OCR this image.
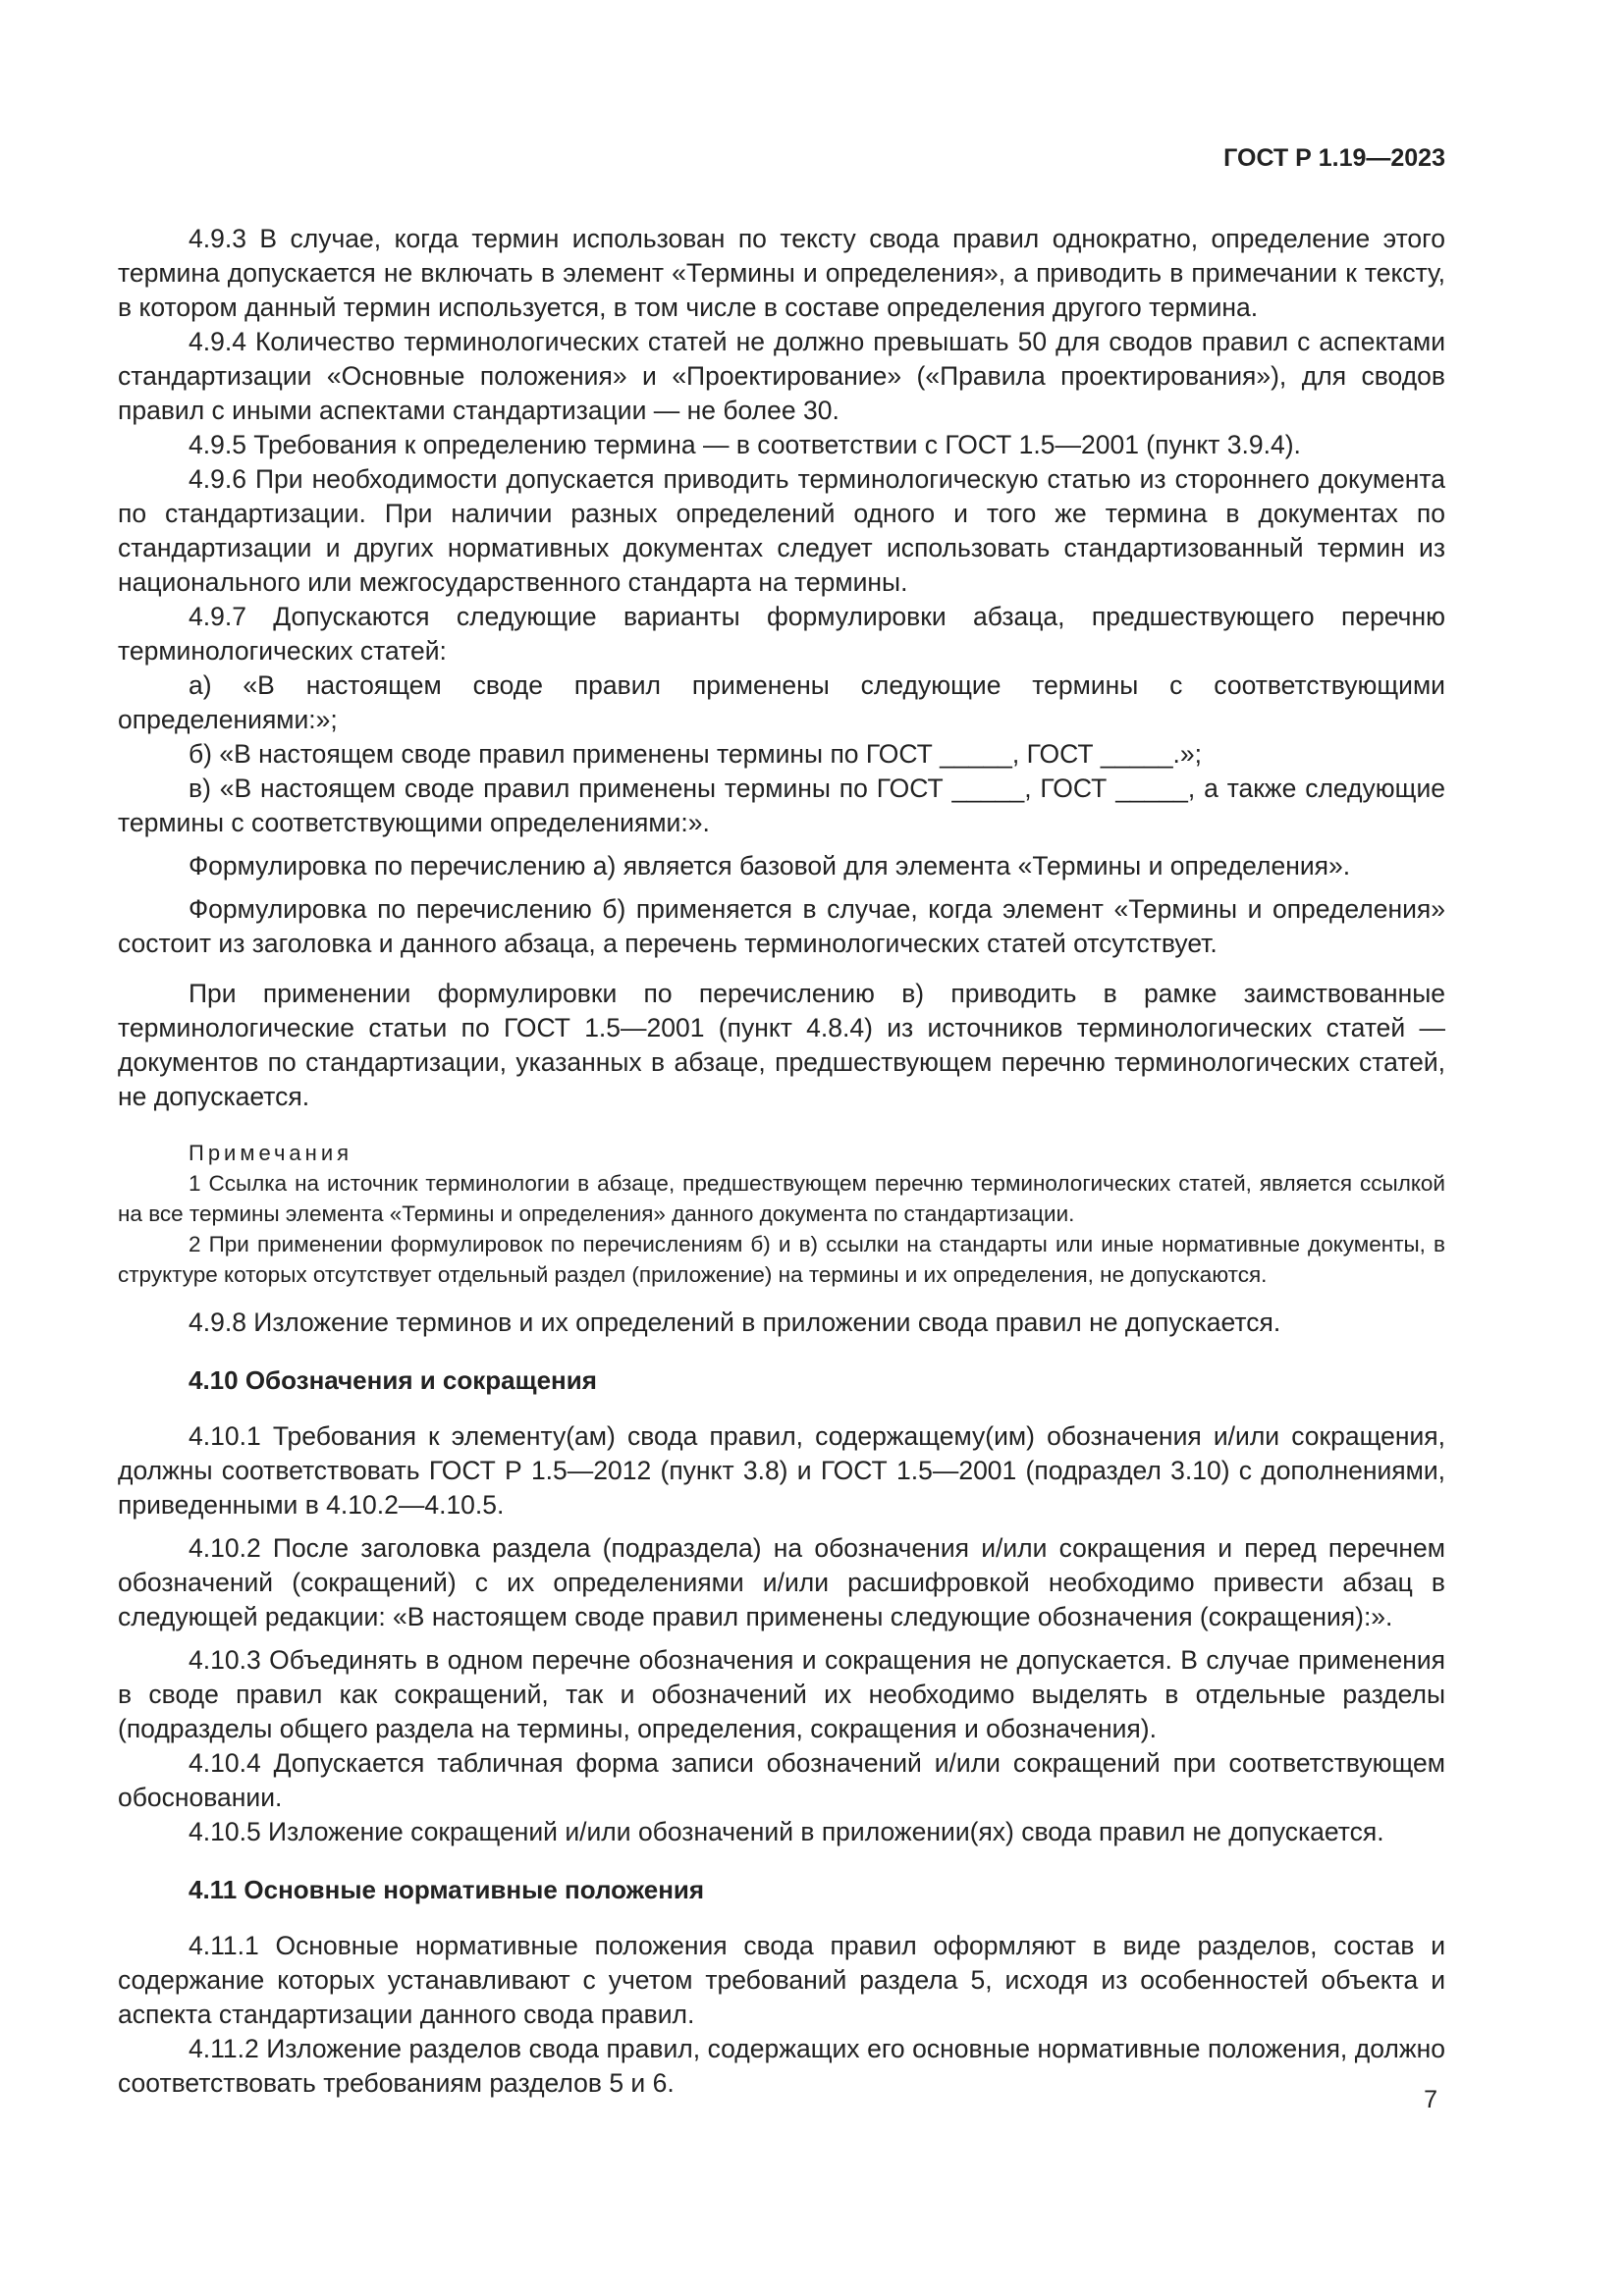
ГОСТ Р 1.19—2023

4.9.3 В случае, когда термин использован по тексту свода правил однократно, определение этого термина допускается не включать в элемент «Термины и определения», а приводить в примечании к тексту, в котором данный термин используется, в том числе в составе определения другого термина.

4.9.4 Количество терминологических статей не должно превышать 50 для сводов правил с аспектами стандартизации «Основные положения» и «Проектирование» («Правила проектирования»), для сводов правил с иными аспектами стандартизации — не более 30.

4.9.5 Требования к определению термина — в соответствии с ГОСТ 1.5—2001 (пункт 3.9.4).

4.9.6 При необходимости допускается приводить терминологическую статью из стороннего документа по стандартизации. При наличии разных определений одного и того же термина в документах по стандартизации и других нормативных документах следует использовать стандартизованный термин из национального или межгосударственного стандарта на термины.

4.9.7 Допускаются следующие варианты формулировки абзаца, предшествующего перечню терминологических статей:

а) «В настоящем своде правил применены следующие термины с соответствующими определениями:»;

б) «В настоящем своде правил применены термины по ГОСТ _____, ГОСТ _____.»;

в) «В настоящем своде правил применены термины по ГОСТ _____, ГОСТ _____, а также следующие термины с соответствующими определениями:».

Формулировка по перечислению а) является базовой для элемента «Термины и определения».

Формулировка по перечислению б) применяется в случае, когда элемент «Термины и определения» состоит из заголовка и данного абзаца, а перечень терминологических статей отсутствует.

При применении формулировки по перечислению в) приводить в рамке заимствованные терминологические статьи по ГОСТ 1.5—2001 (пункт 4.8.4) из источников терминологических статей — документов по стандартизации, указанных в абзаце, предшествующем перечню терминологических статей, не допускается.

Примечания

1 Ссылка на источник терминологии в абзаце, предшествующем перечню терминологических статей, является ссылкой на все термины элемента «Термины и определения» данного документа по стандартизации.

2 При применении формулировок по перечислениям б) и в) ссылки на стандарты или иные нормативные документы, в структуре которых отсутствует отдельный раздел (приложение) на термины и их определения, не допускаются.

4.9.8 Изложение терминов и их определений в приложении свода правил не допускается.

4.10 Обозначения и сокращения

4.10.1 Требования к элементу(ам) свода правил, содержащему(им) обозначения и/или сокращения, должны соответствовать ГОСТ Р 1.5—2012 (пункт 3.8) и ГОСТ 1.5—2001 (подраздел 3.10) с дополнениями, приведенными в 4.10.2—4.10.5.

4.10.2 После заголовка раздела (подраздела) на обозначения и/или сокращения и перед перечнем обозначений (сокращений) с их определениями и/или расшифровкой необходимо привести абзац в следующей редакции: «В настоящем своде правил применены следующие обозначения (сокращения):».

4.10.3 Объединять в одном перечне обозначения и сокращения не допускается. В случае применения в своде правил как сокращений, так и обозначений их необходимо выделять в отдельные разделы (подразделы общего раздела на термины, определения, сокращения и обозначения).

4.10.4 Допускается табличная форма записи обозначений и/или сокращений при соответствующем обосновании.

4.10.5 Изложение сокращений и/или обозначений в приложении(ях) свода правил не допускается.

4.11 Основные нормативные положения

4.11.1 Основные нормативные положения свода правил оформляют в виде разделов, состав и содержание которых устанавливают с учетом требований раздела 5, исходя из особенностей объекта и аспекта стандартизации данного свода правил.

4.11.2 Изложение разделов свода правил, содержащих его основные нормативные положения, должно соответствовать требованиям разделов 5 и 6.

7
